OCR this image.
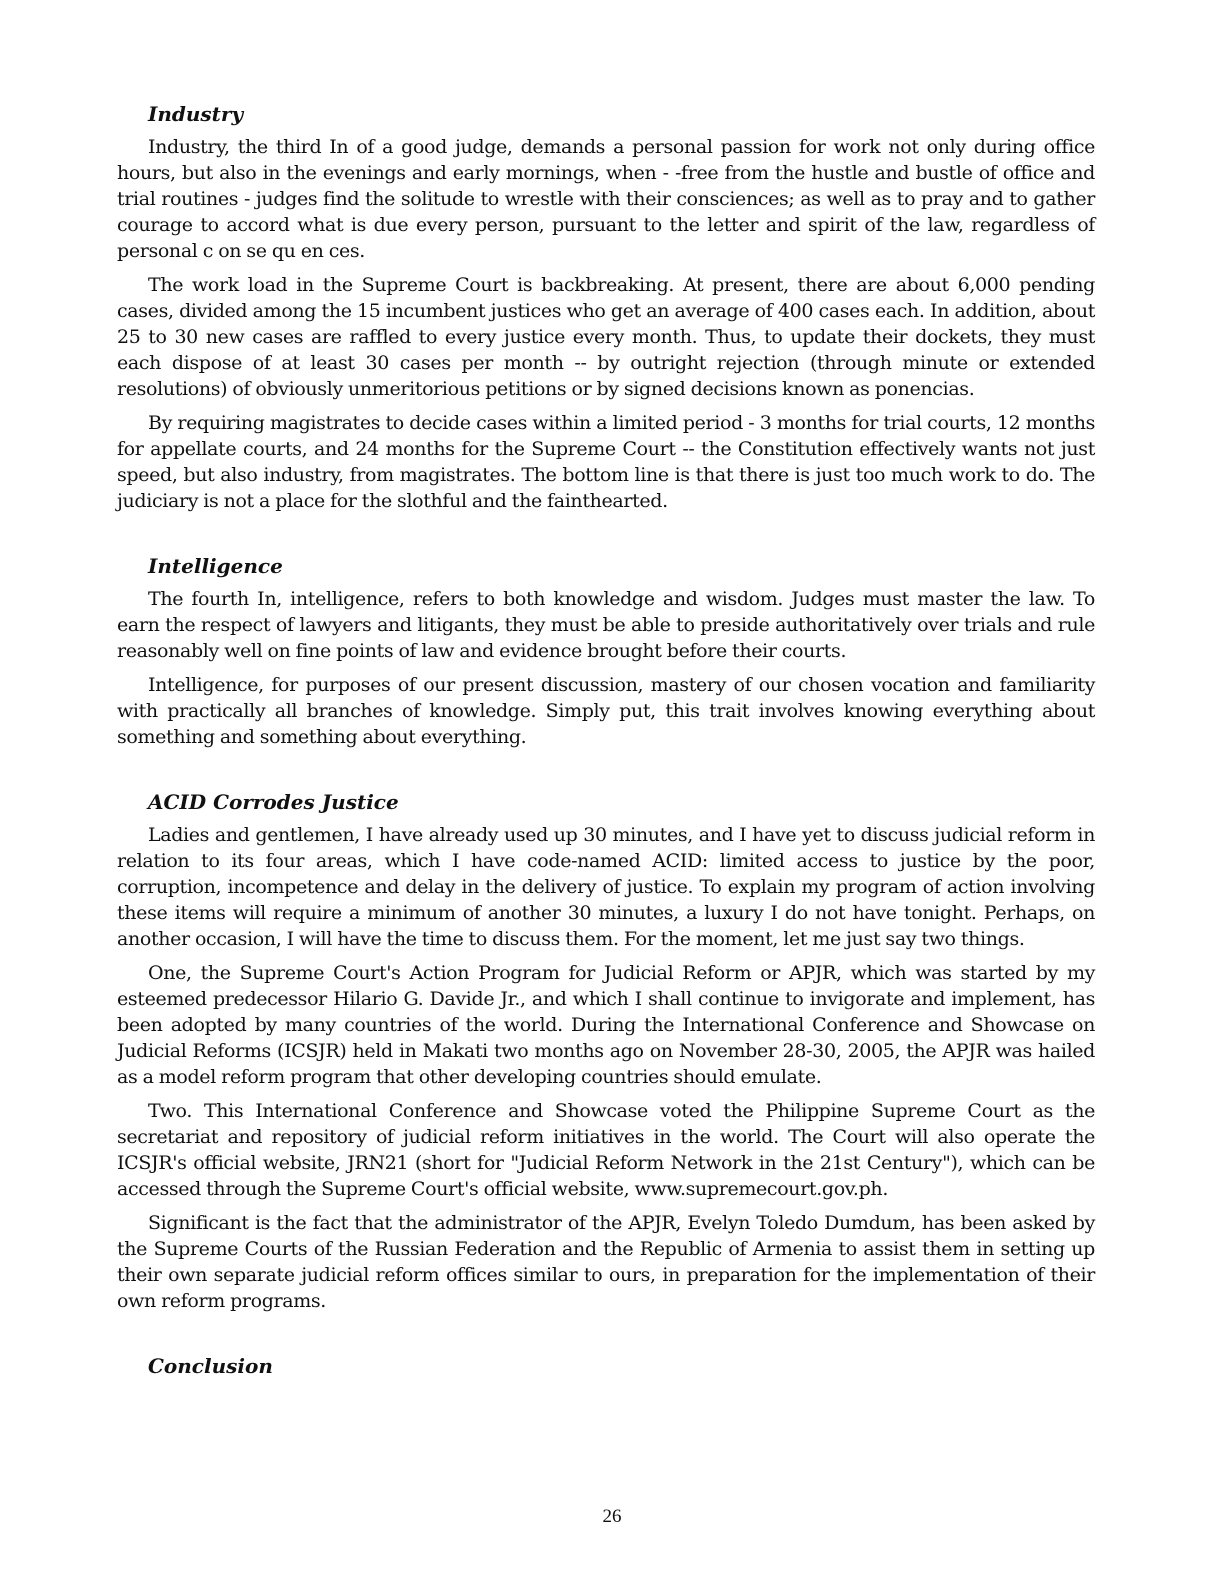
Industry

Industry, the third In of a good judge, demands a personal passion for work not only during office hours, but also in the evenings and early mornings, when - -free from the hustle and bustle of office and trial routines - judges find the solitude to wrestle with their consciences; as well as to pray and to gather courage to accord what is due every person, pursuant to the letter and spirit of the law, regardless of personal c on se qu en ces.

The work load in the Supreme Court is backbreaking. At present, there are about 6,000 pending cases, divided among the 15 incumbent justices who get an average of 400 cases each. In addition, about 25 to 30 new cases are raffled to every justice every month. Thus, to update their dockets, they must each dispose of at least 30 cases per month -- by outright rejection (through minute or extended resolutions) of obviously unmeritorious petitions or by signed decisions known as ponencias.

By requiring magistrates to decide cases within a limited period - 3 months for trial courts, 12 months for appellate courts, and 24 months for the Supreme Court -- the Constitution effectively wants not just speed, but also industry, from magistrates. The bottom line is that there is just too much work to do. The judiciary is not a place for the slothful and the fainthearted.

Intelligence

The fourth In, intelligence, refers to both knowledge and wisdom. Judges must master the law. To earn the respect of lawyers and litigants, they must be able to preside authoritatively over trials and rule reasonably well on fine points of law and evidence brought before their courts.

Intelligence, for purposes of our present discussion, mastery of our chosen vocation and familiarity with practically all branches of knowledge. Simply put, this trait involves knowing everything about something and something about everything.

ACID Corrodes Justice

Ladies and gentlemen, I have already used up 30 minutes, and I have yet to discuss judicial reform in relation to its four areas, which I have code-named ACID: limited access to justice by the poor, corruption, incompetence and delay in the delivery of justice. To explain my program of action involving these items will require a minimum of another 30 minutes, a luxury I do not have tonight. Perhaps, on another occasion, I will have the time to discuss them. For the moment, let me just say two things.

One, the Supreme Court's Action Program for Judicial Reform or APJR, which was started by my esteemed predecessor Hilario G. Davide Jr., and which I shall continue to invigorate and implement, has been adopted by many countries of the world. During the International Conference and Showcase on Judicial Reforms (ICSJR) held in Makati two months ago on November 28-30, 2005, the APJR was hailed as a model reform program that other developing countries should emulate.

Two. This International Conference and Showcase voted the Philippine Supreme Court as the secretariat and repository of judicial reform initiatives in the world. The Court will also operate the ICSJR's official website, JRN21 (short for "Judicial Reform Network in the 21st Century"), which can be accessed through the Supreme Court's official website, www.supremecourt.gov.ph.

Significant is the fact that the administrator of the APJR, Evelyn Toledo Dumdum, has been asked by the Supreme Courts of the Russian Federation and the Republic of Armenia to assist them in setting up their own separate judicial reform offices similar to ours, in preparation for the implementation of their own reform programs.

Conclusion
26
